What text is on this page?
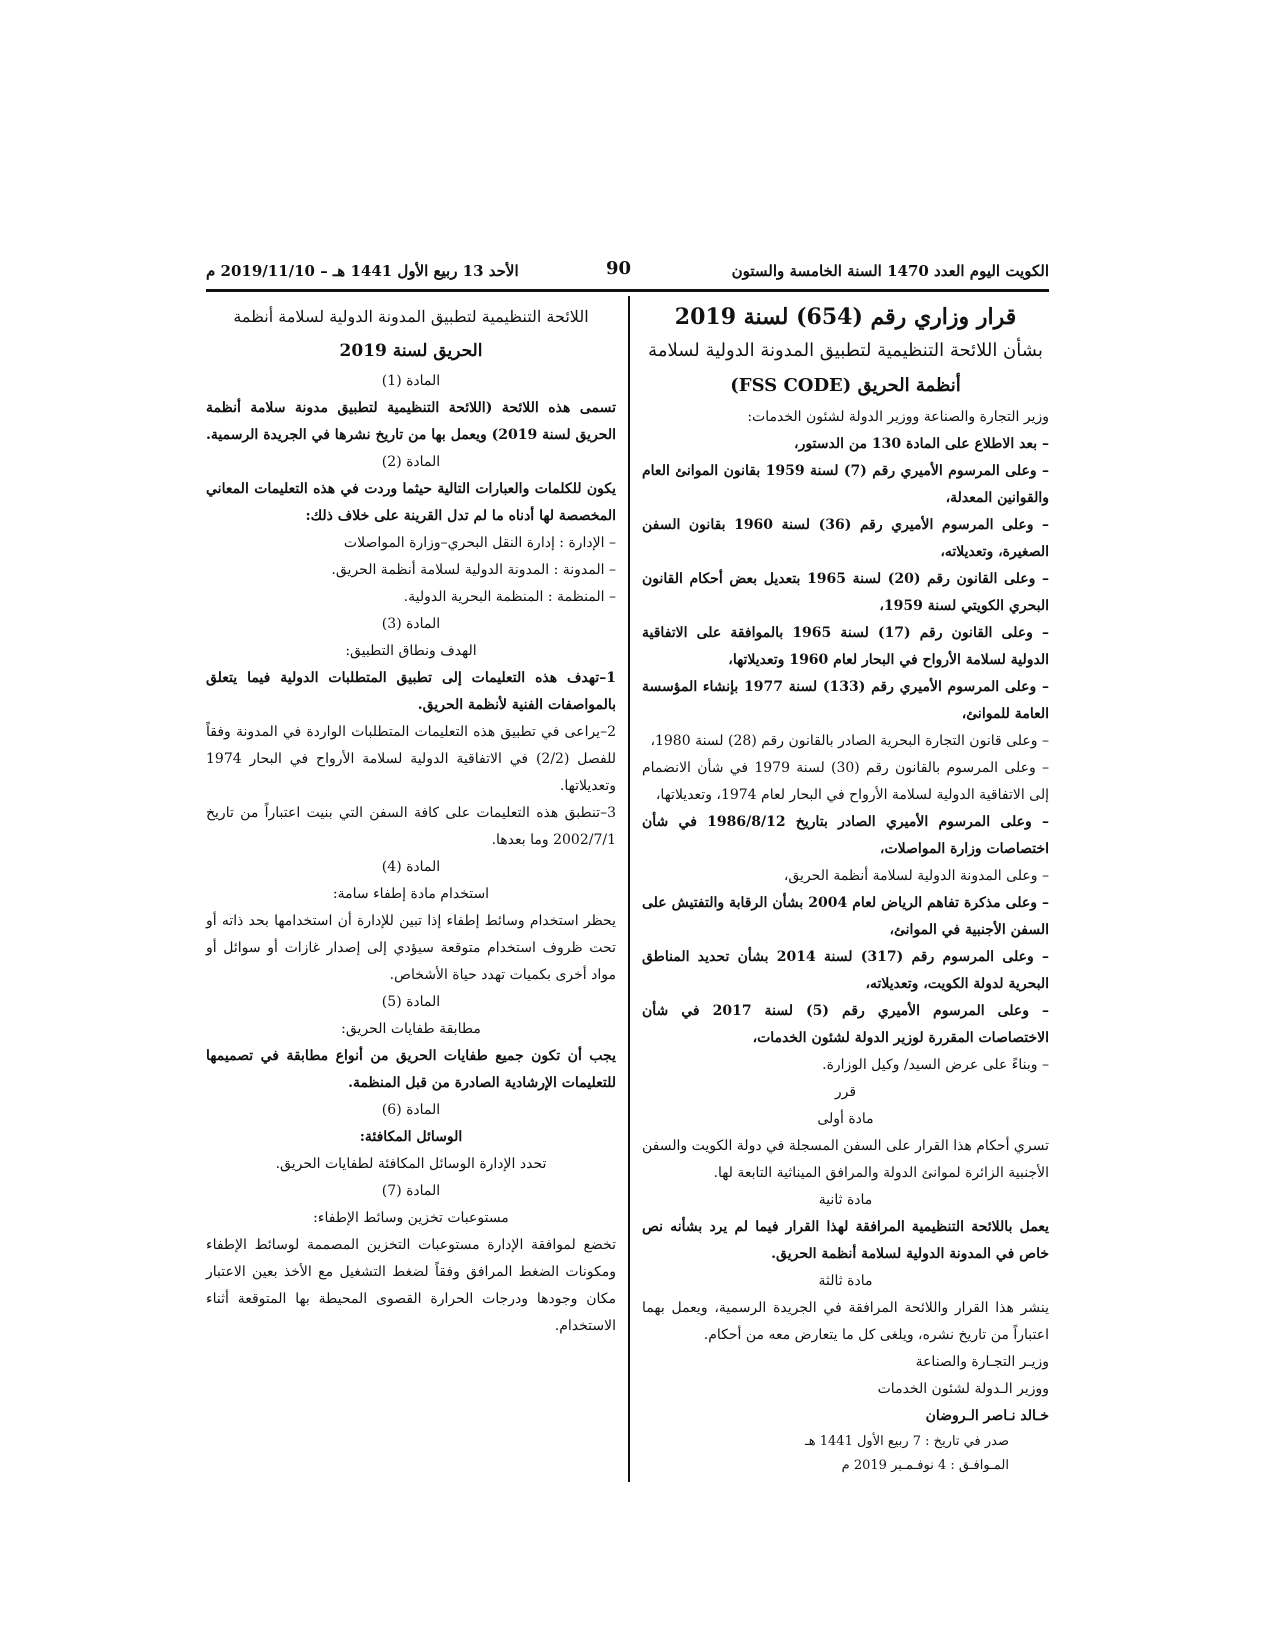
الكويت اليوم العدد 1470 السنة الخامسة والستون
90
الأحد 13 ربيع الأول 1441 هـ – 2019/11/10 م

قرار وزاري رقم (654) لسنة 2019

بشأن اللائحة التنظيمية لتطبيق المدونة الدولية لسلامة

أنظمة الحريق (FSS CODE)

وزير التجارة والصناعة ووزير الدولة لشئون الخدمات:

– بعد الاطلاع على المادة 130 من الدستور،

– وعلى المرسوم الأميري رقم (7) لسنة 1959 بقانون الموانئ العام والقوانين المعدلة،

– وعلى المرسوم الأميري رقم (36) لسنة 1960 بقانون السفن الصغيرة، وتعديلاته،

– وعلى القانون رقم (20) لسنة 1965 بتعديل بعض أحكام القانون البحري الكويتي لسنة 1959،

– وعلى القانون رقم (17) لسنة 1965 بالموافقة على الاتفاقية الدولية لسلامة الأرواح في البحار لعام 1960 وتعديلاتها،

– وعلى المرسوم الأميري رقم (133) لسنة 1977 بإنشاء المؤسسة العامة للموانئ،

– وعلى قانون التجارة البحرية الصادر بالقانون رقم (28) لسنة 1980،

– وعلى المرسوم بالقانون رقم (30) لسنة 1979 في شأن الانضمام إلى الاتفاقية الدولية لسلامة الأرواح في البحار لعام 1974، وتعديلاتها،

– وعلى المرسوم الأميري الصادر بتاريخ 1986/8/12 في شأن اختصاصات وزارة المواصلات،

– وعلى المدونة الدولية لسلامة أنظمة الحريق،

– وعلى مذكرة تفاهم الرياض لعام 2004 بشأن الرقابة والتفتيش على السفن الأجنبية في الموانئ،

– وعلى المرسوم رقم (317) لسنة 2014 بشأن تحديد المناطق البحرية لدولة الكويت، وتعديلاته،

– وعلى المرسوم الأميري رقم (5) لسنة 2017 في شأن الاختصاصات المقررة لوزير الدولة لشئون الخدمات،

– وبناءً على عرض السيد/ وكيل الوزارة.

قرر

مادة أولى

تسري أحكام هذا القرار على السفن المسجلة في دولة الكويت والسفن الأجنبية الزائرة لموانئ الدولة والمرافق الميناثية التابعة لها.

مادة ثانية

يعمل باللائحة التنظيمية المرافقة لهذا القرار فيما لم يرد بشأنه نص خاص في المدونة الدولية لسلامة أنظمة الحريق.

مادة ثالثة

ينشر هذا القرار واللائحة المرافقة في الجريدة الرسمية، ويعمل بهما اعتباراً من تاريخ نشره، ويلغى كل ما يتعارض معه من أحكام.

وزيـر التجـارة والصناعة

ووزير الـدولة لشئون الخدمات

خـالد نـاصر الـروضان

صدر في تاريخ : 7 ربيع الأول 1441 هـ

المـوافـق : 4 نوفـمـبر 2019 م

اللائحة التنظيمية لتطبيق المدونة الدولية لسلامة أنظمة

الحريق لسنة 2019

المادة (1)

تسمى هذه اللائحة (اللائحة التنظيمية لتطبيق مدونة سلامة أنظمة الحريق لسنة 2019) ويعمل بها من تاريخ نشرها في الجريدة الرسمية.

المادة (2)

يكون للكلمات والعبارات التالية حيثما وردت في هذه التعليمات المعاني المخصصة لها أدناه ما لم تدل القرينة على خلاف ذلك:

– الإدارة : إدارة النقل البحري–وزارة المواصلات

– المدونة : المدونة الدولية لسلامة أنظمة الحريق.

– المنظمة : المنظمة البحرية الدولية.

المادة (3)

الهدف ونطاق التطبيق:

1–تهدف هذه التعليمات إلى تطبيق المتطلبات الدولية فيما يتعلق بالمواصفات الفنية لأنظمة الحريق.

2–يراعى في تطبيق هذه التعليمات المتطلبات الواردة في المدونة وفقاً للفصل (2/2) في الاتفاقية الدولية لسلامة الأرواح في البحار 1974 وتعديلاتها.

3–تنطبق هذه التعليمات على كافة السفن التي بنيت اعتباراً من تاريخ 2002/7/1 وما بعدها.

المادة (4)

استخدام مادة إطفاء سامة:

يحظر استخدام وسائط إطفاء إذا تبين للإدارة أن استخدامها بحد ذاته أو تحت ظروف استخدام متوقعة سيؤدي إلى إصدار غازات أو سوائل أو مواد أخرى بكميات تهدد حياة الأشخاص.

المادة (5)

مطابقة طفايات الحريق:

يجب أن تكون جميع طفايات الحريق من أنواع مطابقة في تصميمها للتعليمات الإرشادية الصادرة من قبل المنظمة.

المادة (6)

الوسائل المكافئة:

تحدد الإدارة الوسائل المكافئة لطفايات الحريق.

المادة (7)

مستوعبات تخزين وسائط الإطفاء:

تخضع لموافقة الإدارة مستوعبات التخزين المصممة لوسائط الإطفاء ومكونات الضغط المرافق وفقاً لضغط التشغيل مع الأخذ بعين الاعتبار مكان وجودها ودرجات الحرارة القصوى المحيطة بها المتوقعة أثناء الاستخدام.
